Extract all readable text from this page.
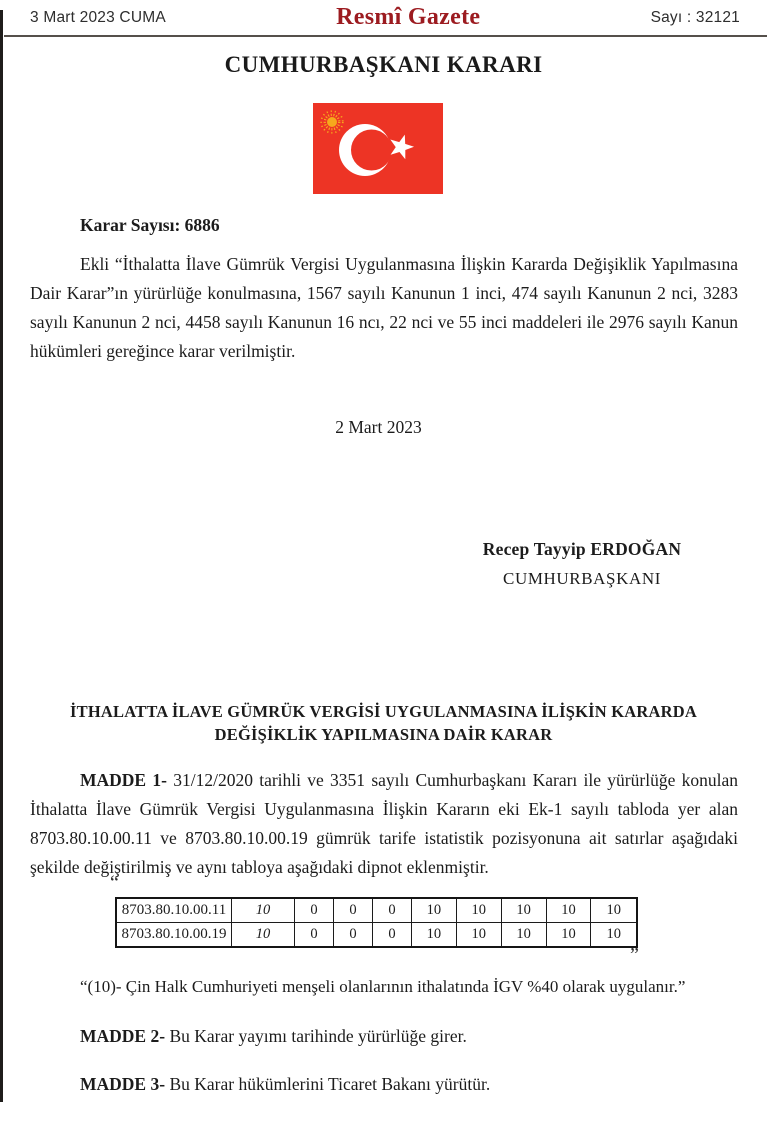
3 Mart 2023 CUMA	Resmî Gazete	Sayı : 32121
CUMHURBAŞKANI KARARI
Karar Sayısı: 6886

Ekli “İthalatta İlave Gümrük Vergisi Uygulanmasına İlişkin Kararda Değişiklik Yapılmasına Dair Karar”ın yürürlüğe konulmasına, 1567 sayılı Kanunun 1 inci, 474 sayılı Kanunun 2 nci, 3283 sayılı Kanunun 2 nci, 4458 sayılı Kanunun 16 ncı, 22 nci ve 55 inci maddeleri ile 2976 sayılı Kanun hükümleri gereğince karar verilmiştir.

2 Mart 2023
Recep Tayyip ERDOĞAN
CUMHURBAŞKANI
İTHALATTA İLAVE GÜMRÜK VERGİSİ UYGULANMASINA İLİŞKİN KARARDA
DEĞİŞİKLİK YAPILMASINA DAİR KARAR

MADDE 1- 31/12/2020 tarihli ve 3351 sayılı Cumhurbaşkanı Kararı ile yürürlüğe konulan İthalatta İlave Gümrük Vergisi Uygulanmasına İlişkin Kararın eki Ek-1 sayılı tabloda yer alan 8703.80.10.00.11 ve 8703.80.10.00.19 gümrük tarife istatistik pozisyonuna ait satırlar aşağıdaki şekilde değiştirilmiş ve aynı tabloya aşağıdaki dipnot eklenmiştir.

“
8703.80.10.00.11	10	0	0	0	10	10	10	10	10
8703.80.10.00.19	10	0	0	0	10	10	10	10	10
”

“(10)- Çin Halk Cumhuriyeti menşeli olanlarının ithalatında İGV %40 olarak uygulanır.”

MADDE 2- Bu Karar yayımı tarihinde yürürlüğe girer.

MADDE 3- Bu Karar hükümlerini Ticaret Bakanı yürütür.
